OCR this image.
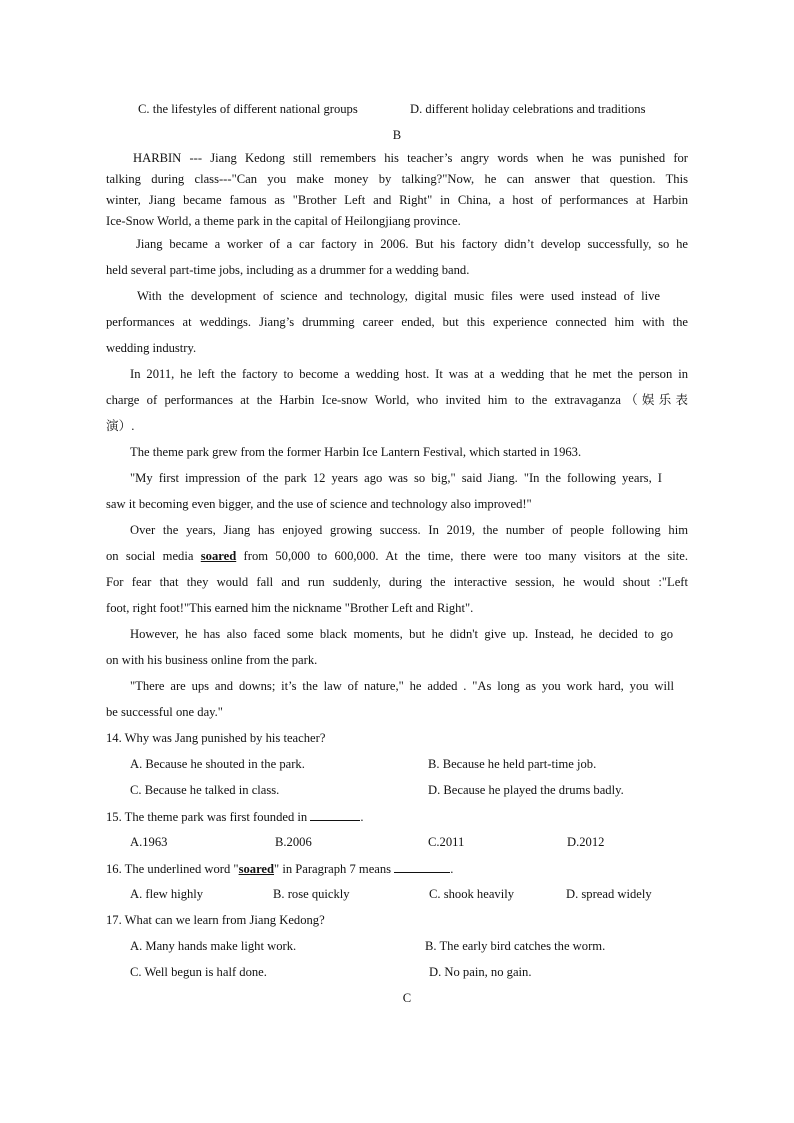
C. the lifestyles of different national groups	D. different holiday celebrations and traditions
B
HARBIN --- Jiang Kedong still remembers his teacher’s angry words when he was punished for
talking during class---"Can you make money by talking?"Now, he can answer that question. This
winter, Jiang became famous as "Brother Left and Right" in China, a host of performances at Harbin
Ice-Snow World, a theme park in the capital of Heilongjiang province.
Jiang became a worker of a car factory in 2006. But his factory didn’t develop successfully, so he
held several part-time jobs, including as a drummer for a wedding band.
With the development of science and technology, digital music files were used instead of live
performances at weddings. Jiang’s drumming career ended, but this experience connected him with the
wedding industry.
In 2011, he left the factory to become a wedding host. It was at a wedding that he met the person in
charge of performances at the Harbin Ice-snow World, who invited him to the extravaganza（娱乐表
演）.
The theme park grew from the former Harbin Ice Lantern Festival, which started in 1963.
"My first impression of the park 12 years ago was so big," said Jiang. "In the following years, I
saw it becoming even bigger, and the use of science and technology also improved!"
Over the years, Jiang has enjoyed growing success. In 2019, the number of people following him
on social media soared from 50,000 to 600,000. At the time, there were too many visitors at the site.
For fear that they would fall and run suddenly, during the interactive session, he would shout :"Left
foot, right foot!"This earned him the nickname "Brother Left and Right".
However, he has also faced some black moments, but he didn't give up. Instead, he decided to go
on with his business online from the park.
"There are ups and downs; it’s the law of nature," he added . "As long as you work hard, you will
be successful one day."
14. Why was Jang punished by his teacher?
A. Because he shouted in the park.	B. Because he held part-time job.
C. Because he talked in class.	D. Because he played the drums badly.
15. The theme park was first founded in	.
A.1963	B.2006	C.2011	D.2012
16. The underlined word "soared" in Paragraph 7 means	.
A. flew highly	B. rose quickly	C. shook heavily	D. spread widely
17. What can we learn from Jiang Kedong?
A. Many hands make light work.	B. The early bird catches the worm.
C. Well begun is half done.	D. No pain, no gain.
C
